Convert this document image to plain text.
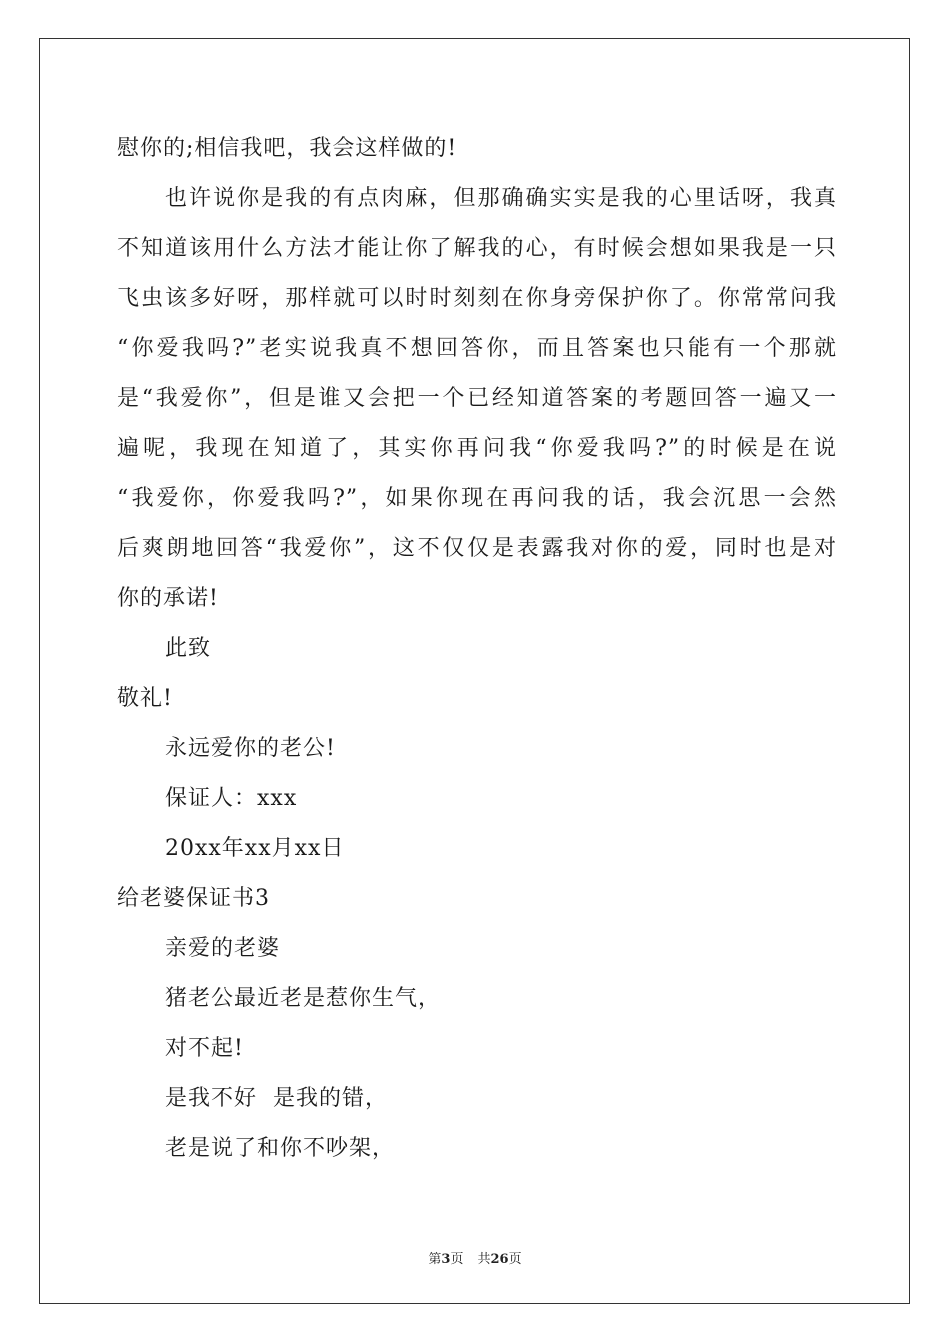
慰你的;相信我吧，我会这样做的!
也许说你是我的有点肉麻，但那确确实实是我的心里话呀，我真
不知道该用什么方法才能让你了解我的心，有时候会想如果我是一只
飞虫该多好呀，那样就可以时时刻刻在你身旁保护你了。你常常问我
“你爱我吗?”老实说我真不想回答你，而且答案也只能有一个那就
是“我爱你”，但是谁又会把一个已经知道答案的考题回答一遍又一
遍呢，我现在知道了，其实你再问我“你爱我吗?”的时候是在说
“我爱你，你爱我吗?”，如果你现在再问我的话，我会沉思一会然
后爽朗地回答“我爱你”，这不仅仅是表露我对你的爱，同时也是对
你的承诺!
此致
敬礼!
永远爱你的老公!
保证人：xxx
20xx年xx月xx日
给老婆保证书3
亲爱的老婆
猪老公最近老是惹你生气，
对不起!
是我不好  是我的错，
老是说了和你不吵架，
第3页 共26页
